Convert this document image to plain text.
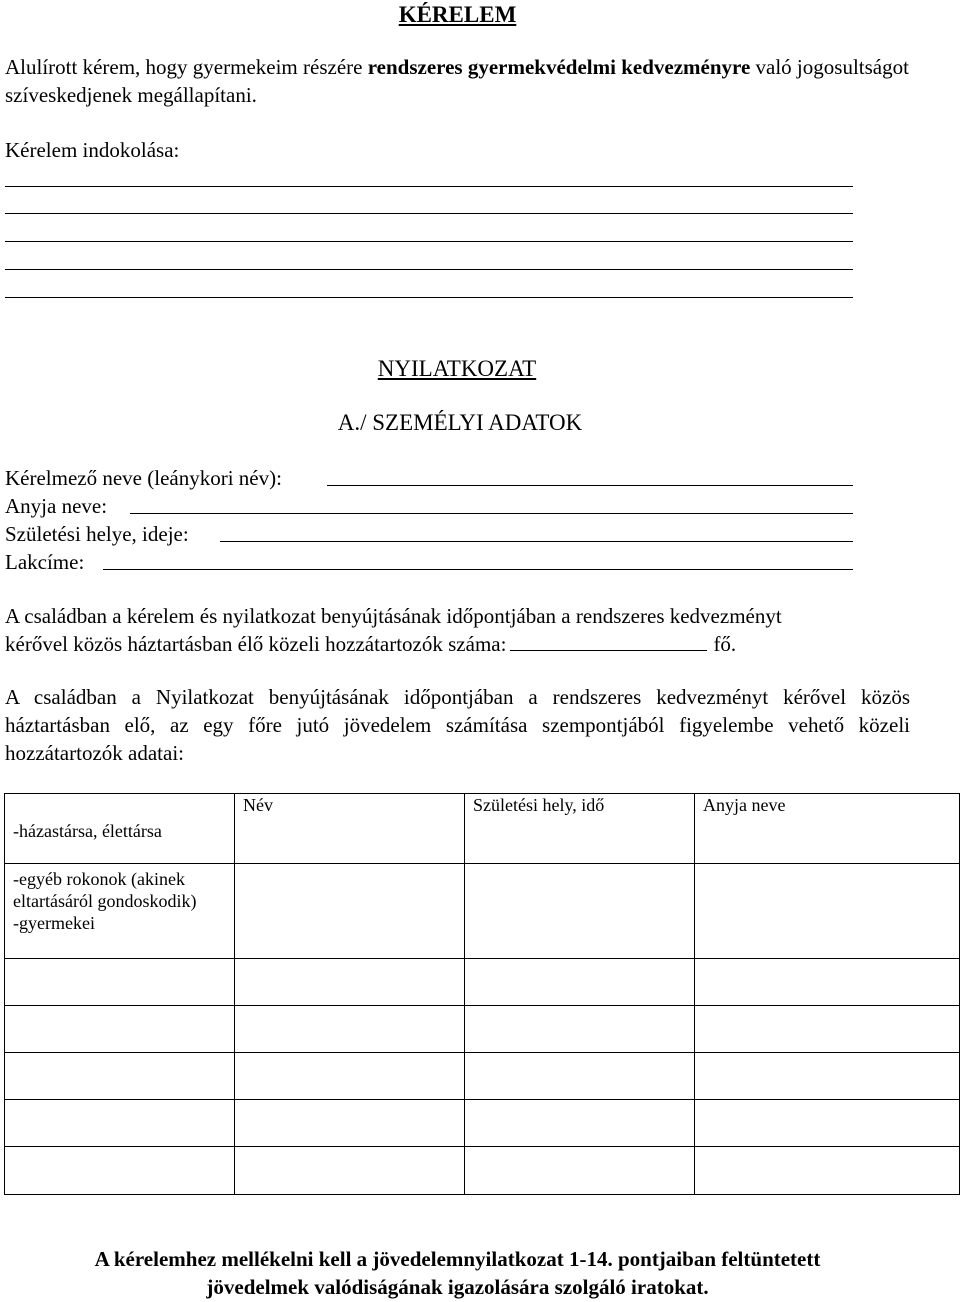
KÉRELEM
Alulírott kérem, hogy gyermekeim részére rendszeres gyermekvédelmi kedvezményre való jogosultságot szíveskedjenek megállapítani.
Kérelem indokolása:
NYILATKOZAT
A./ SZEMÉLYI ADATOK
Kérelmező neve (leánykori név):
Anyja neve:
Születési helye, ideje:
Lakcíme:
A családban a kérelem és nyilatkozat benyújtásának időpontjában a rendszeres kedvezményt
kérővel közös háztartásban élő közeli hozzátartozók száma:	fő.
A családban a Nyilatkozat benyújtásának időpontjában a rendszeres kedvezményt kérővel közös háztartásban elő, az egy főre jutó jövedelem számítása szempontjából figyelembe vehető közeli hozzátartozók adatai:
-házastársa, élettársa	Név	Születési hely, idő	Anyja neve

-egyéb rokonok (akinek eltartásáról gondoskodik)
-gyermekei			

A kérelemhez mellékelni kell a jövedelemnyilatkozat 1-14. pontjaiban feltüntetett
jövedelmek valódiságának igazolására szolgáló iratokat.
